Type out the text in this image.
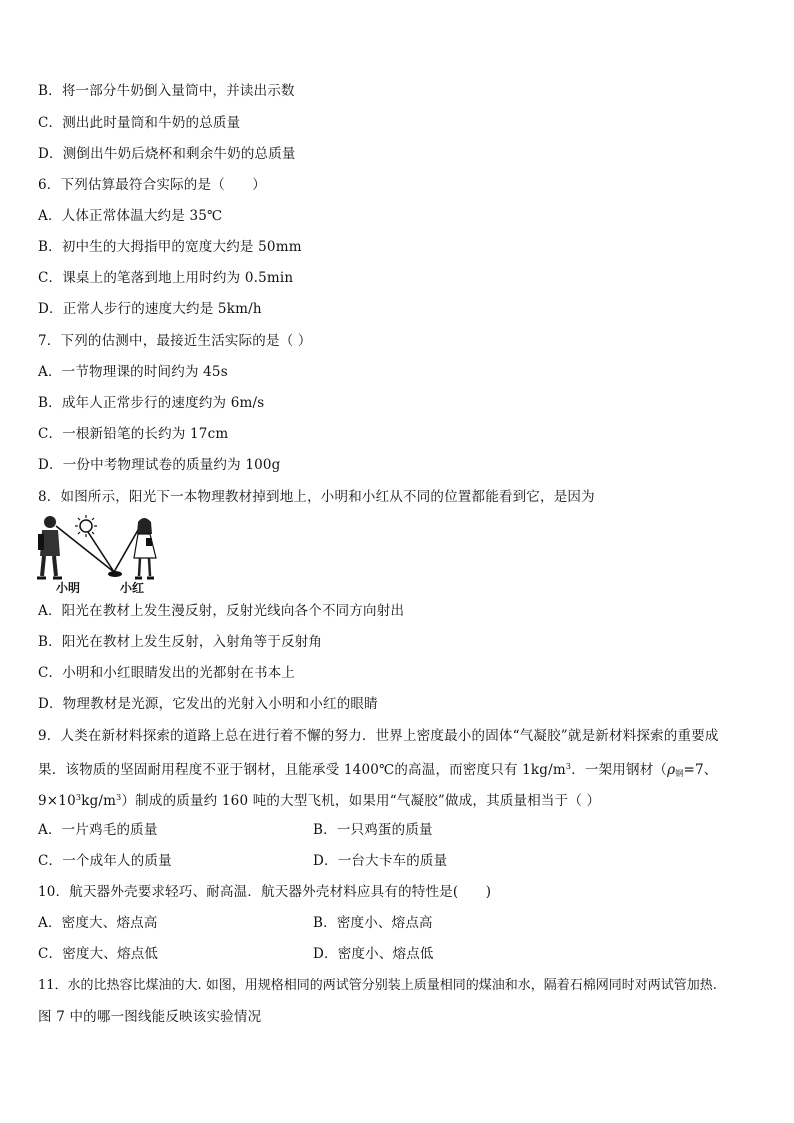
B．将一部分牛奶倒入量筒中，并读出示数
C．测出此时量筒和牛奶的总质量
D．测倒出牛奶后烧杯和剩余牛奶的总质量
6．下列估算最符合实际的是（　　）
A．人体正常体温大约是 35℃
B．初中生的大拇指甲的宽度大约是 50mm
C．课桌上的笔落到地上用时约为 0.5min
D．正常人步行的速度大约是 5km/h
7．下列的估测中，最接近生活实际的是（ ）
A．一节物理课的时间约为 45s
B．成年人正常步行的速度约为 6m/s
C．一根新铅笔的长约为 17cm
D．一份中考物理试卷的质量约为 100g
8．如图所示，阳光下一本物理教材掉到地上，小明和小红从不同的位置都能看到它，是因为
小明	小红
A．阳光在教材上发生漫反射，反射光线向各个不同方向射出
B．阳光在教材上发生反射，入射角等于反射角
C．小明和小红眼睛发出的光都射在书本上
D．物理教材是光源，它发出的光射入小明和小红的眼睛
9．人类在新材料探索的道路上总在进行着不懈的努力．世界上密度最小的固体“气凝胶”就是新材料探索的重要成
果．该物质的坚固耐用程度不亚于钢材，且能承受 1400℃的高温，而密度只有 $1kg/m^3$．一架用钢材（$\rho_钢=7$、
$9\times 10^3kg/m^3$）制成的质量约 160 吨的大型飞机，如果用“气凝胶”做成，其质量相当于（ ）
A．一片鸡毛的质量	B．一只鸡蛋的质量
C．一个成年人的质量	D．一台大卡车的质量
10．航天器外壳要求轻巧、耐高温．航天器外壳材料应具有的特性是(　　)
A．密度大、熔点高	B．密度小、熔点高
C．密度大、熔点低	D．密度小、熔点低
11．水的比热容比煤油的大. 如图，用规格相同的两试管分别装上质量相同的煤油和水，隔着石棉网同时对两试管加热.
图 7 中的哪一图线能反映该实验情况
